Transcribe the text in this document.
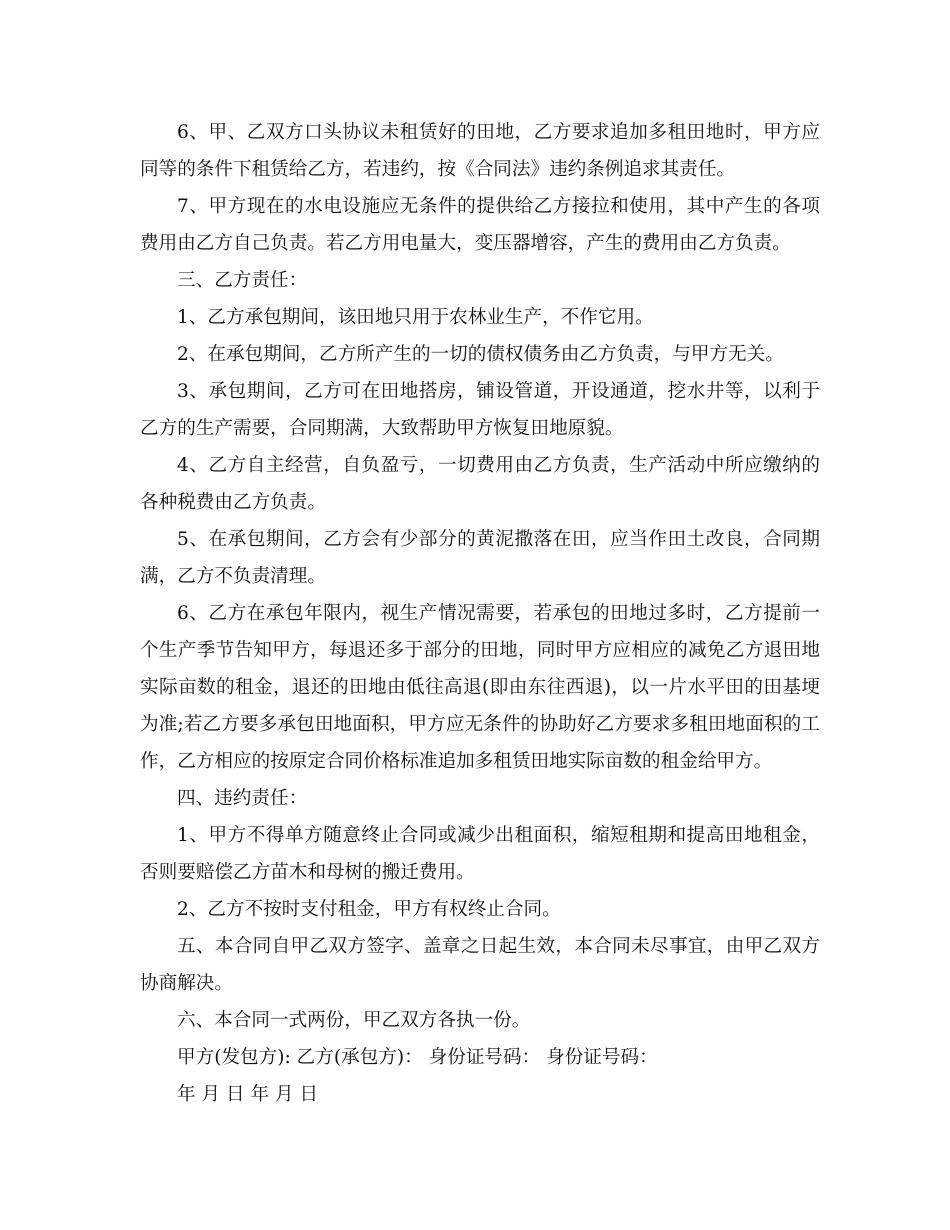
6、甲、乙双方口头协议未租赁好的田地，乙方要求追加多租田地时，甲方应同等的条件下租赁给乙方，若违约，按《合同法》违约条例追求其责任。

7、甲方现在的水电设施应无条件的提供给乙方接拉和使用，其中产生的各项费用由乙方自己负责。若乙方用电量大，变压器增容，产生的费用由乙方负责。

三、乙方责任：

1、乙方承包期间，该田地只用于农林业生产，不作它用。

2、在承包期间，乙方所产生的一切的债权债务由乙方负责，与甲方无关。

3、承包期间，乙方可在田地搭房，铺设管道，开设通道，挖水井等，以利于乙方的生产需要，合同期满，大致帮助甲方恢复田地原貌。

4、乙方自主经营，自负盈亏，一切费用由乙方负责，生产活动中所应缴纳的各种税费由乙方负责。

5、在承包期间，乙方会有少部分的黄泥撒落在田，应当作田土改良，合同期满，乙方不负责清理。

6、乙方在承包年限内，视生产情况需要，若承包的田地过多时，乙方提前一个生产季节告知甲方，每退还多于部分的田地，同时甲方应相应的减免乙方退田地实际亩数的租金，退还的田地由低往高退(即由东往西退)，以一片水平田的田基埂为准;若乙方要多承包田地面积，甲方应无条件的协助好乙方要求多租田地面积的工作，乙方相应的按原定合同价格标准追加多租赁田地实际亩数的租金给甲方。

四、违约责任：

1、甲方不得单方随意终止合同或减少出租面积，缩短租期和提高田地租金，否则要赔偿乙方苗木和母树的搬迁费用。

2、乙方不按时支付租金，甲方有权终止合同。

五、本合同自甲乙双方签字、盖章之日起生效，本合同未尽事宜，由甲乙双方协商解决。

六、本合同一式两份，甲乙双方各执一份。

甲方(发包方): 乙方(承包方)： 身份证号码： 身份证号码：

年 月 日 年 月 日
